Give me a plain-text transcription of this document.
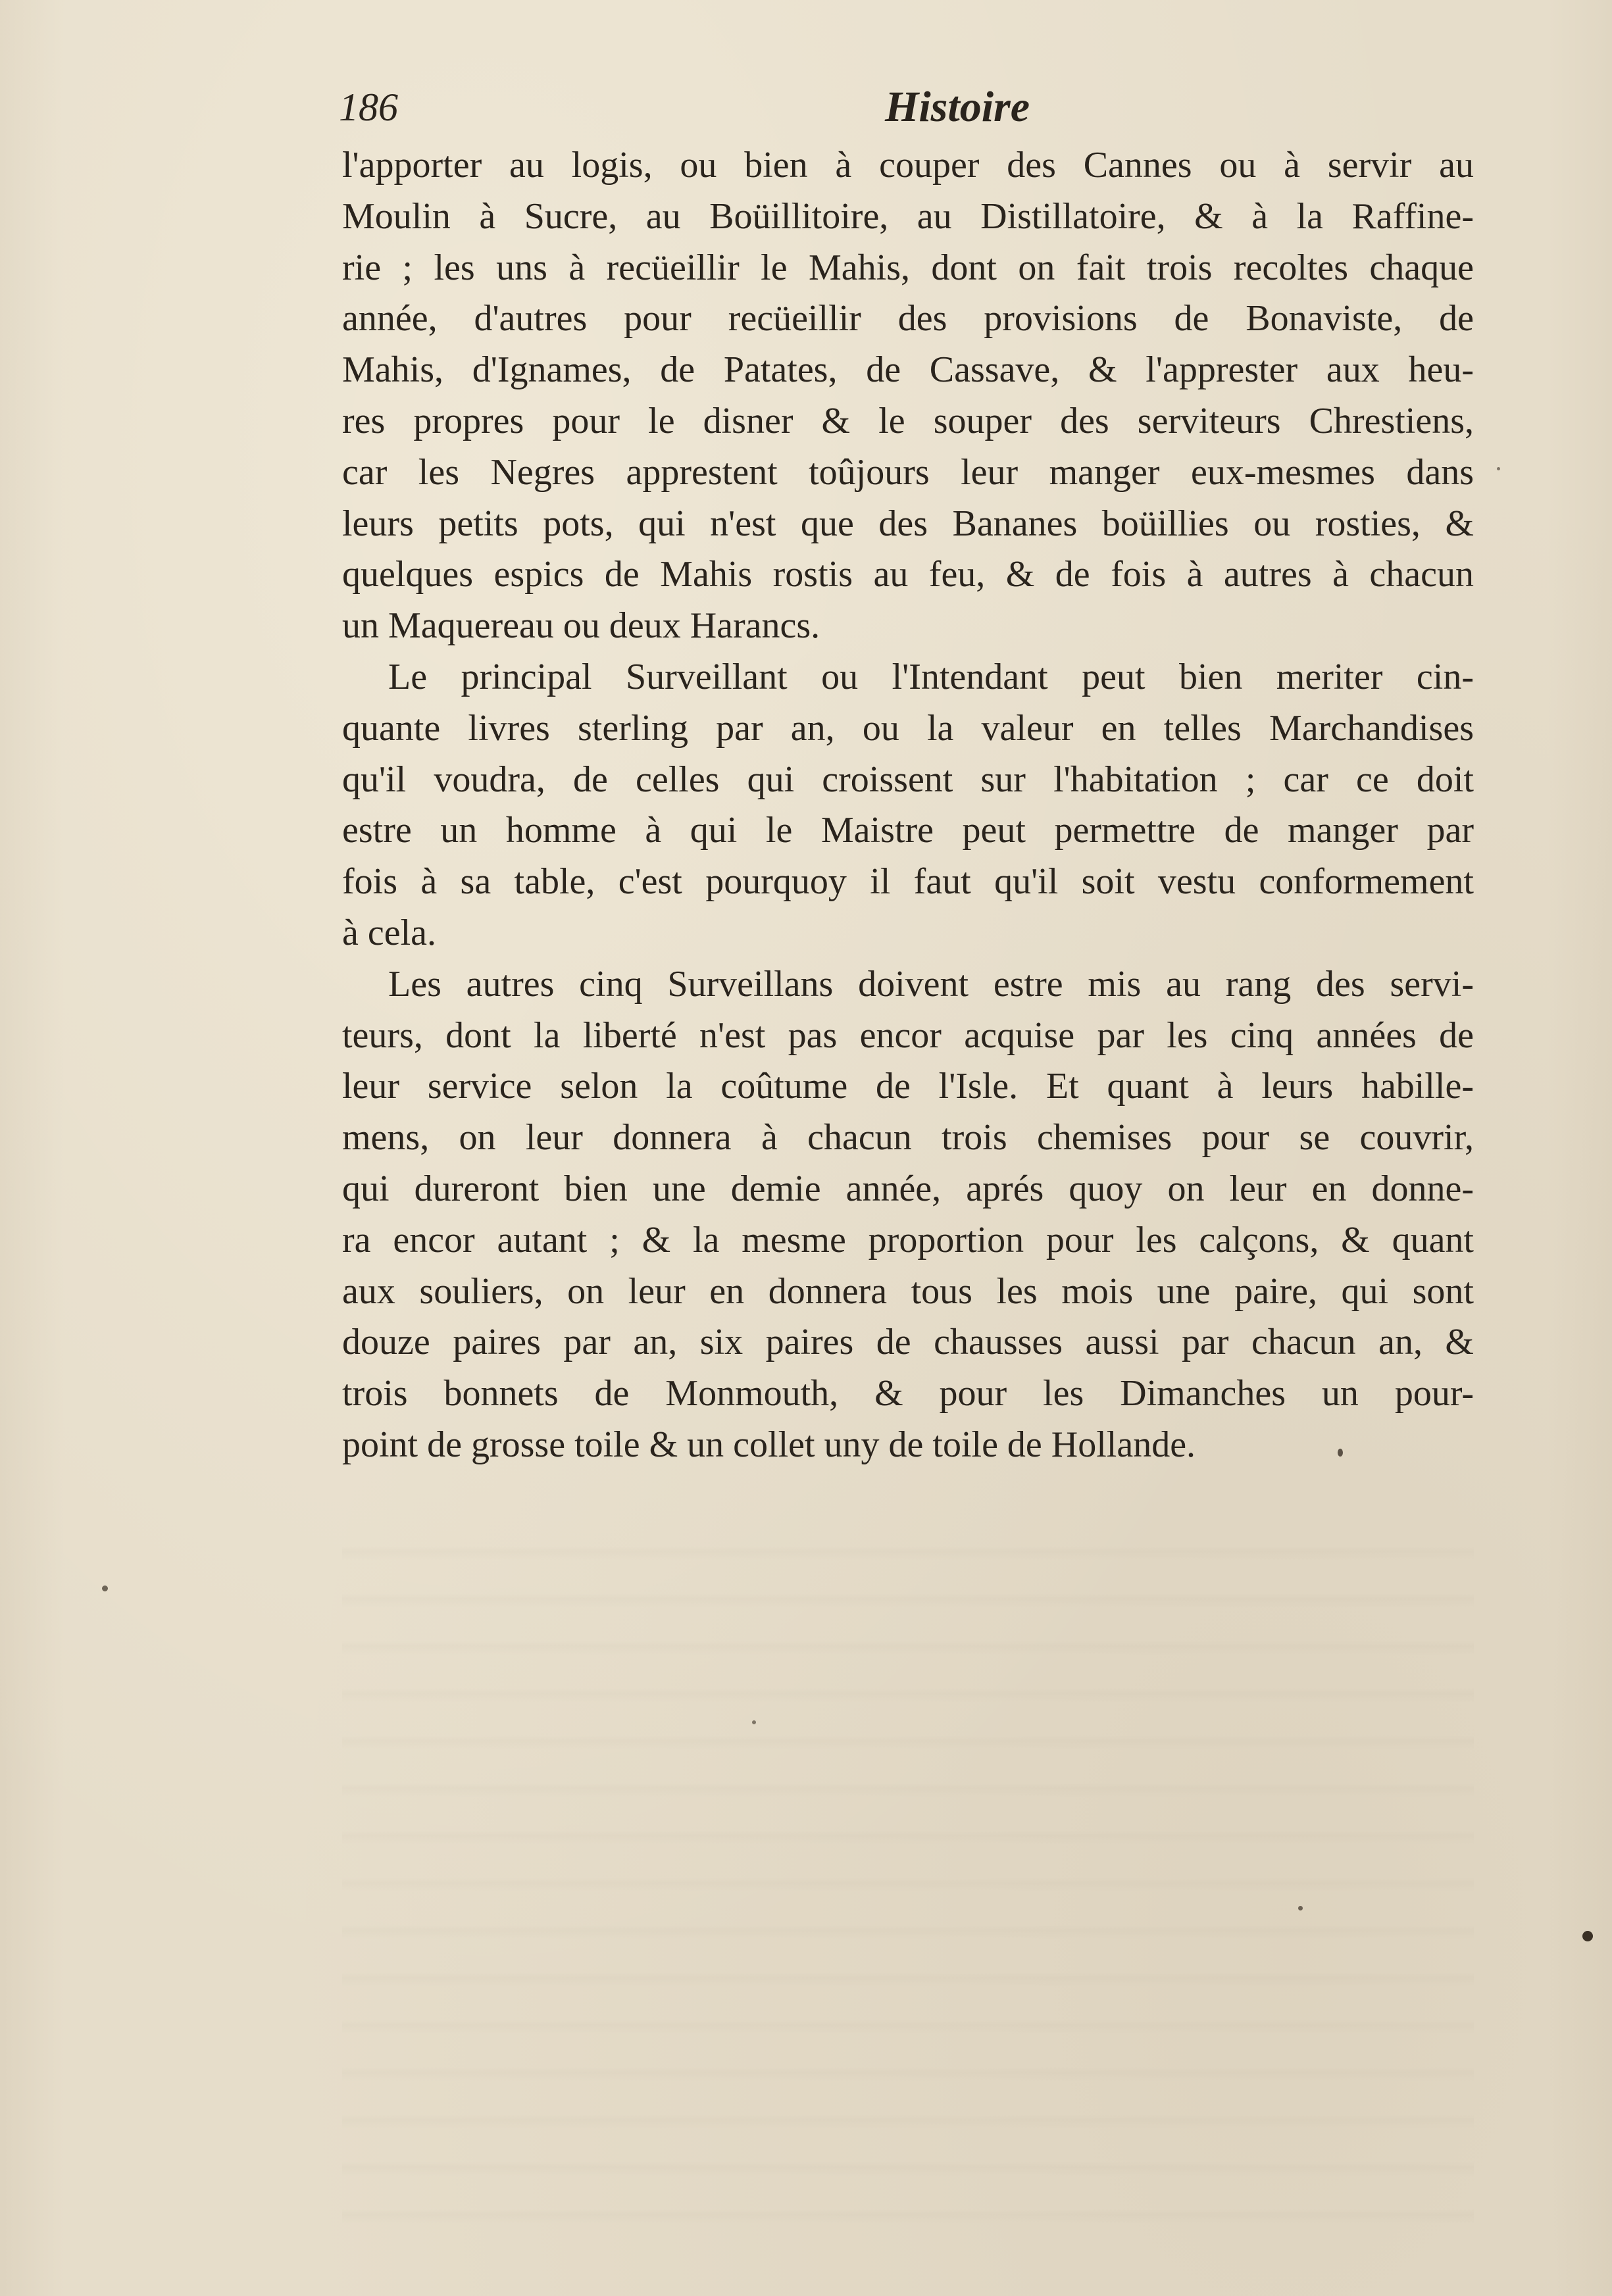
186	Histoire
l'apporter au logis, ou bien à couper des Cannes ou à servir au
Moulin à Sucre, au Boüillitoire, au Distillatoire, & à la Raffine-
rie ; les uns à recüeillir le Mahis, dont on fait trois recoltes chaque
année, d'autres pour recüeillir des provisions de Bonaviste, de
Mahis, d'Ignames, de Patates, de Cassave, & l'apprester aux heu-
res propres pour le disner & le souper des serviteurs Chrestiens,
car les Negres apprestent toûjours leur manger eux-mesmes dans
leurs petits pots, qui n'est que des Bananes boüillies ou rosties, &
quelques espics de Mahis rostis au feu, & de fois à autres à chacun
un Maquereau ou deux Harancs.
Le principal Surveillant ou l'Intendant peut bien meriter cin-
quante livres sterling par an, ou la valeur en telles Marchandises
qu'il voudra, de celles qui croissent sur l'habitation ; car ce doit
estre un homme à qui le Maistre peut permettre de manger par
fois à sa table, c'est pourquoy il faut qu'il soit vestu conformement
à cela.
Les autres cinq Surveillans doivent estre mis au rang des servi-
teurs, dont la liberté n'est pas encor acquise par les cinq années de
leur service selon la coûtume de l'Isle. Et quant à leurs habille-
mens, on leur donnera à chacun trois chemises pour se couvrir,
qui dureront bien une demie année, aprés quoy on leur en donne-
ra encor autant ; & la mesme proportion pour les calçons, & quant
aux souliers, on leur en donnera tous les mois une paire, qui sont
douze paires par an, six paires de chausses aussi par chacun an, &
trois bonnets de Monmouth, & pour les Dimanches un pour-
point de grosse toile & un collet uny de toile de Hollande.
